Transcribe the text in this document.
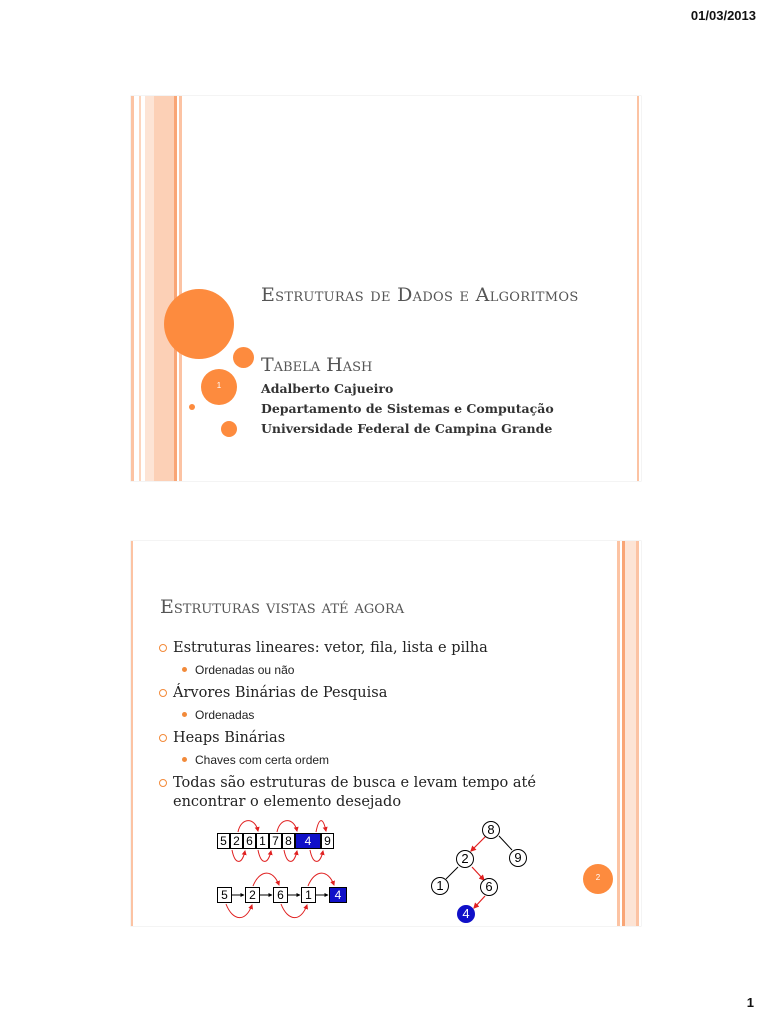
01/03/2013
1
Estruturas de Dados e Algoritmos
Tabela Hash
Adalberto Cajueiro
Departamento de Sistemas e Computação
Universidade Federal de Campina Grande
2
Estruturas vistas até agora
Estruturas lineares: vetor, fila, lista e pilha
Ordenadas ou não
Árvores Binárias de Pesquisa
Ordenadas
Heaps Binárias
Chaves com certa ordem
Todas são estruturas de busca e levam tempo até encontrar o elemento desejado
5 2 6 1 7 8	4	9
5	2	6	1	4
8
2	9
1	6
4
1
